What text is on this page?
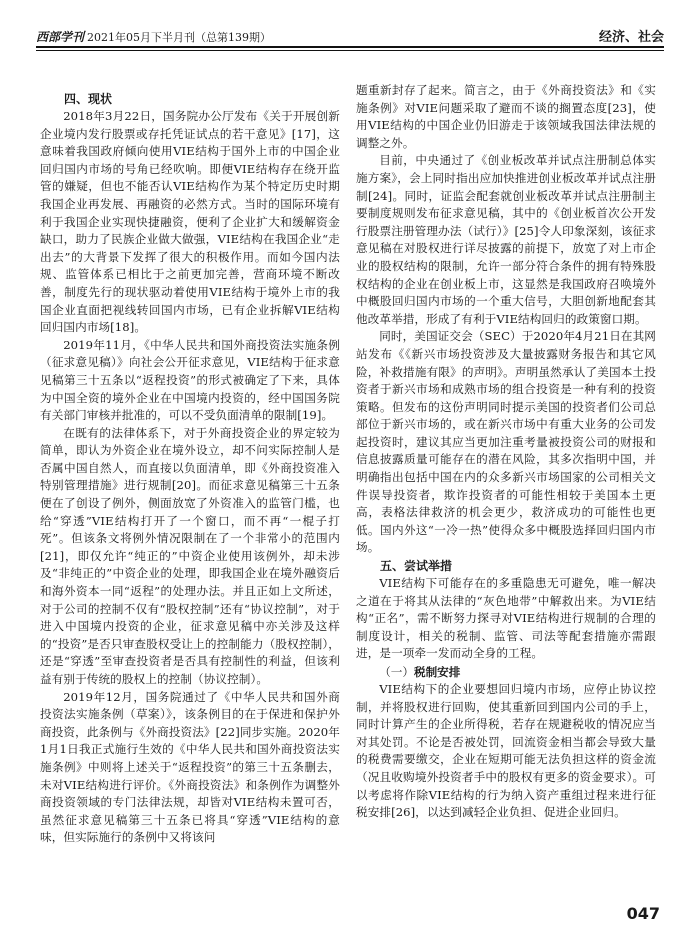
西部学刊 2021年05月下半月刊（总第139期）	经济、社会
四、现状

2018年3月22日，国务院办公厅发布《关于开展创新企业境内发行股票或存托凭证试点的若干意见》[17]，这意味着我国政府倾向使用VIE结构于国外上市的中国企业回归国内市场的号角已经吹响。即便VIE结构存在绕开监管的嫌疑，但也不能否认VIE结构作为某个特定历史时期我国企业再发展、再融资的必然方式。当时的国际环境有利于我国企业实现快捷融资，便利了企业扩大和缓解资金缺口，助力了民族企业做大做强，VIE结构在我国企业“走出去”的大背景下发挥了很大的积极作用。而如今国内法规、监管体系已相比于之前更加完善，营商环境不断改善，制度先行的现状驱动着使用VIE结构于境外上市的我国企业直面把视线转回国内市场，已有企业拆解VIE结构回归国内市场[18]。

2019年11月，《中华人民共和国外商投资法实施条例（征求意见稿）》向社会公开征求意见，VIE结构于征求意见稿第三十五条以“返程投资”的形式被确定了下来，具体为中国全资的境外企业在中国境内投资的，经中国国务院有关部门审核并批准的，可以不受负面清单的限制[19]。

在既有的法律体系下，对于外商投资企业的界定较为简单，即认为外资企业在境外设立，却不问实际控制人是否属中国自然人，而直接以负面清单，即《外商投资准入特别管理措施》进行规制[20]。而征求意见稿第三十五条便在了创设了例外，侧面放宽了外资准入的监管门槛，也给“穿透”VIE结构打开了一个窗口，而不再“一棍子打死”。但该条文将例外情况限制在了一个非常小的范围内[21]，即仅允许“纯正的”中资企业使用该例外，却未涉及“非纯正的”中资企业的处理，即我国企业在境外融资后和海外资本一同“返程”的处理办法。并且正如上文所述，对于公司的控制不仅有“股权控制”还有“协议控制”，对于进入中国境内投资的企业，征求意见稿中亦关涉及这样的“投资”是否只审查股权受让上的控制能力（股权控制），还是“穿透”至审查投资者是否具有控制性的利益，但该利益有别于传统的股权上的控制（协议控制）。

2019年12月，国务院通过了《中华人民共和国外商投资法实施条例（草案）》，该条例目的在于保进和保护外商投资，此条例与《外商投资法》[22]同步实施。2020年1月1日我正式施行生效的《中华人民共和国外商投资法实施条例》中则将上述关于“返程投资”的第三十五条删去，未对VIE结构进行评价。《外商投资法》和条例作为调整外商投资领域的专门法律法规，却皆对VIE结构未置可否，虽然征求意见稿第三十五条已将具“穿透”VIE结构的意味，但实际施行的条例中又将该问

题重新封存了起来。简言之，由于《外商投资法》和《实施条例》对VIE问题采取了避而不谈的搁置态度[23]，使用VIE结构的中国企业仍旧游走于该领域我国法律法规的调整之外。

目前，中央通过了《创业板改革并试点注册制总体实施方案》，会上同时指出应加快推进创业板改革并试点注册制[24]。同时，证监会配套就创业板改革并试点注册制主要制度规则发布征求意见稿，其中的《创业板首次公开发行股票注册管理办法（试行）》[25]令人印象深刻，该征求意见稿在对股权进行详尽披露的前提下，放宽了对上市企业的股权结构的限制，允许一部分符合条件的拥有特殊股权结构的企业在创业板上市，这显然是我国政府召唤境外中概股回归国内市场的一个重大信号，大胆创新地配套其他改革举措，形成了有利于VIE结构回归的政策窗口期。

同时，美国证交会（SEC）于2020年4月21日在其网站发布《《新兴市场投资涉及大量披露财务报告和其它风险，补救措施有限》的声明》。声明虽然承认了美国本土投资者于新兴市场和成熟市场的组合投资是一种有利的投资策略。但发布的这份声明同时提示美国的投资者们公司总部位于新兴市场的，或在新兴市场中有重大业务的公司发起投资时，建议其应当更加注重考量被投资公司的财报和信息披露质量可能存在的潜在风险，其多次指明中国，并明确指出包括中国在内的众多新兴市场国家的公司相关文件误导投资者，欺诈投资者的可能性相较于美国本土更高，表格法律救济的机会更少，救济成功的可能性也更低。国内外这“一冷一热”使得众多中概股选择回归国内市场。

五、尝试举措

VIE结构下可能存在的多重隐患无可避免，唯一解决之道在于将其从法律的“灰色地带”中解救出来。为VIE结构“正名”，需不断努力探寻对VIE结构进行规制的合理的制度设计，相关的税制、监管、司法等配套措施亦需跟进，是一项牵一发而动全身的工程。

（一）税制安排

VIE结构下的企业要想回归境内市场，应停止协议控制，并将股权进行回购，使其重新回到国内公司的手上，同时计算产生的企业所得税，若存在规避税收的情况应当对其处罚。不论是否被处罚，回流资金相当都会导致大量的税费需要缴交，企业在短期可能无法负担这样的资金流（况且收购境外投资者手中的股权有更多的资金要求）。可以考虑将作除VIE结构的行为纳入资产重组过程来进行征税安排[26]，以达到减轻企业负担、促进企业回归。

047
